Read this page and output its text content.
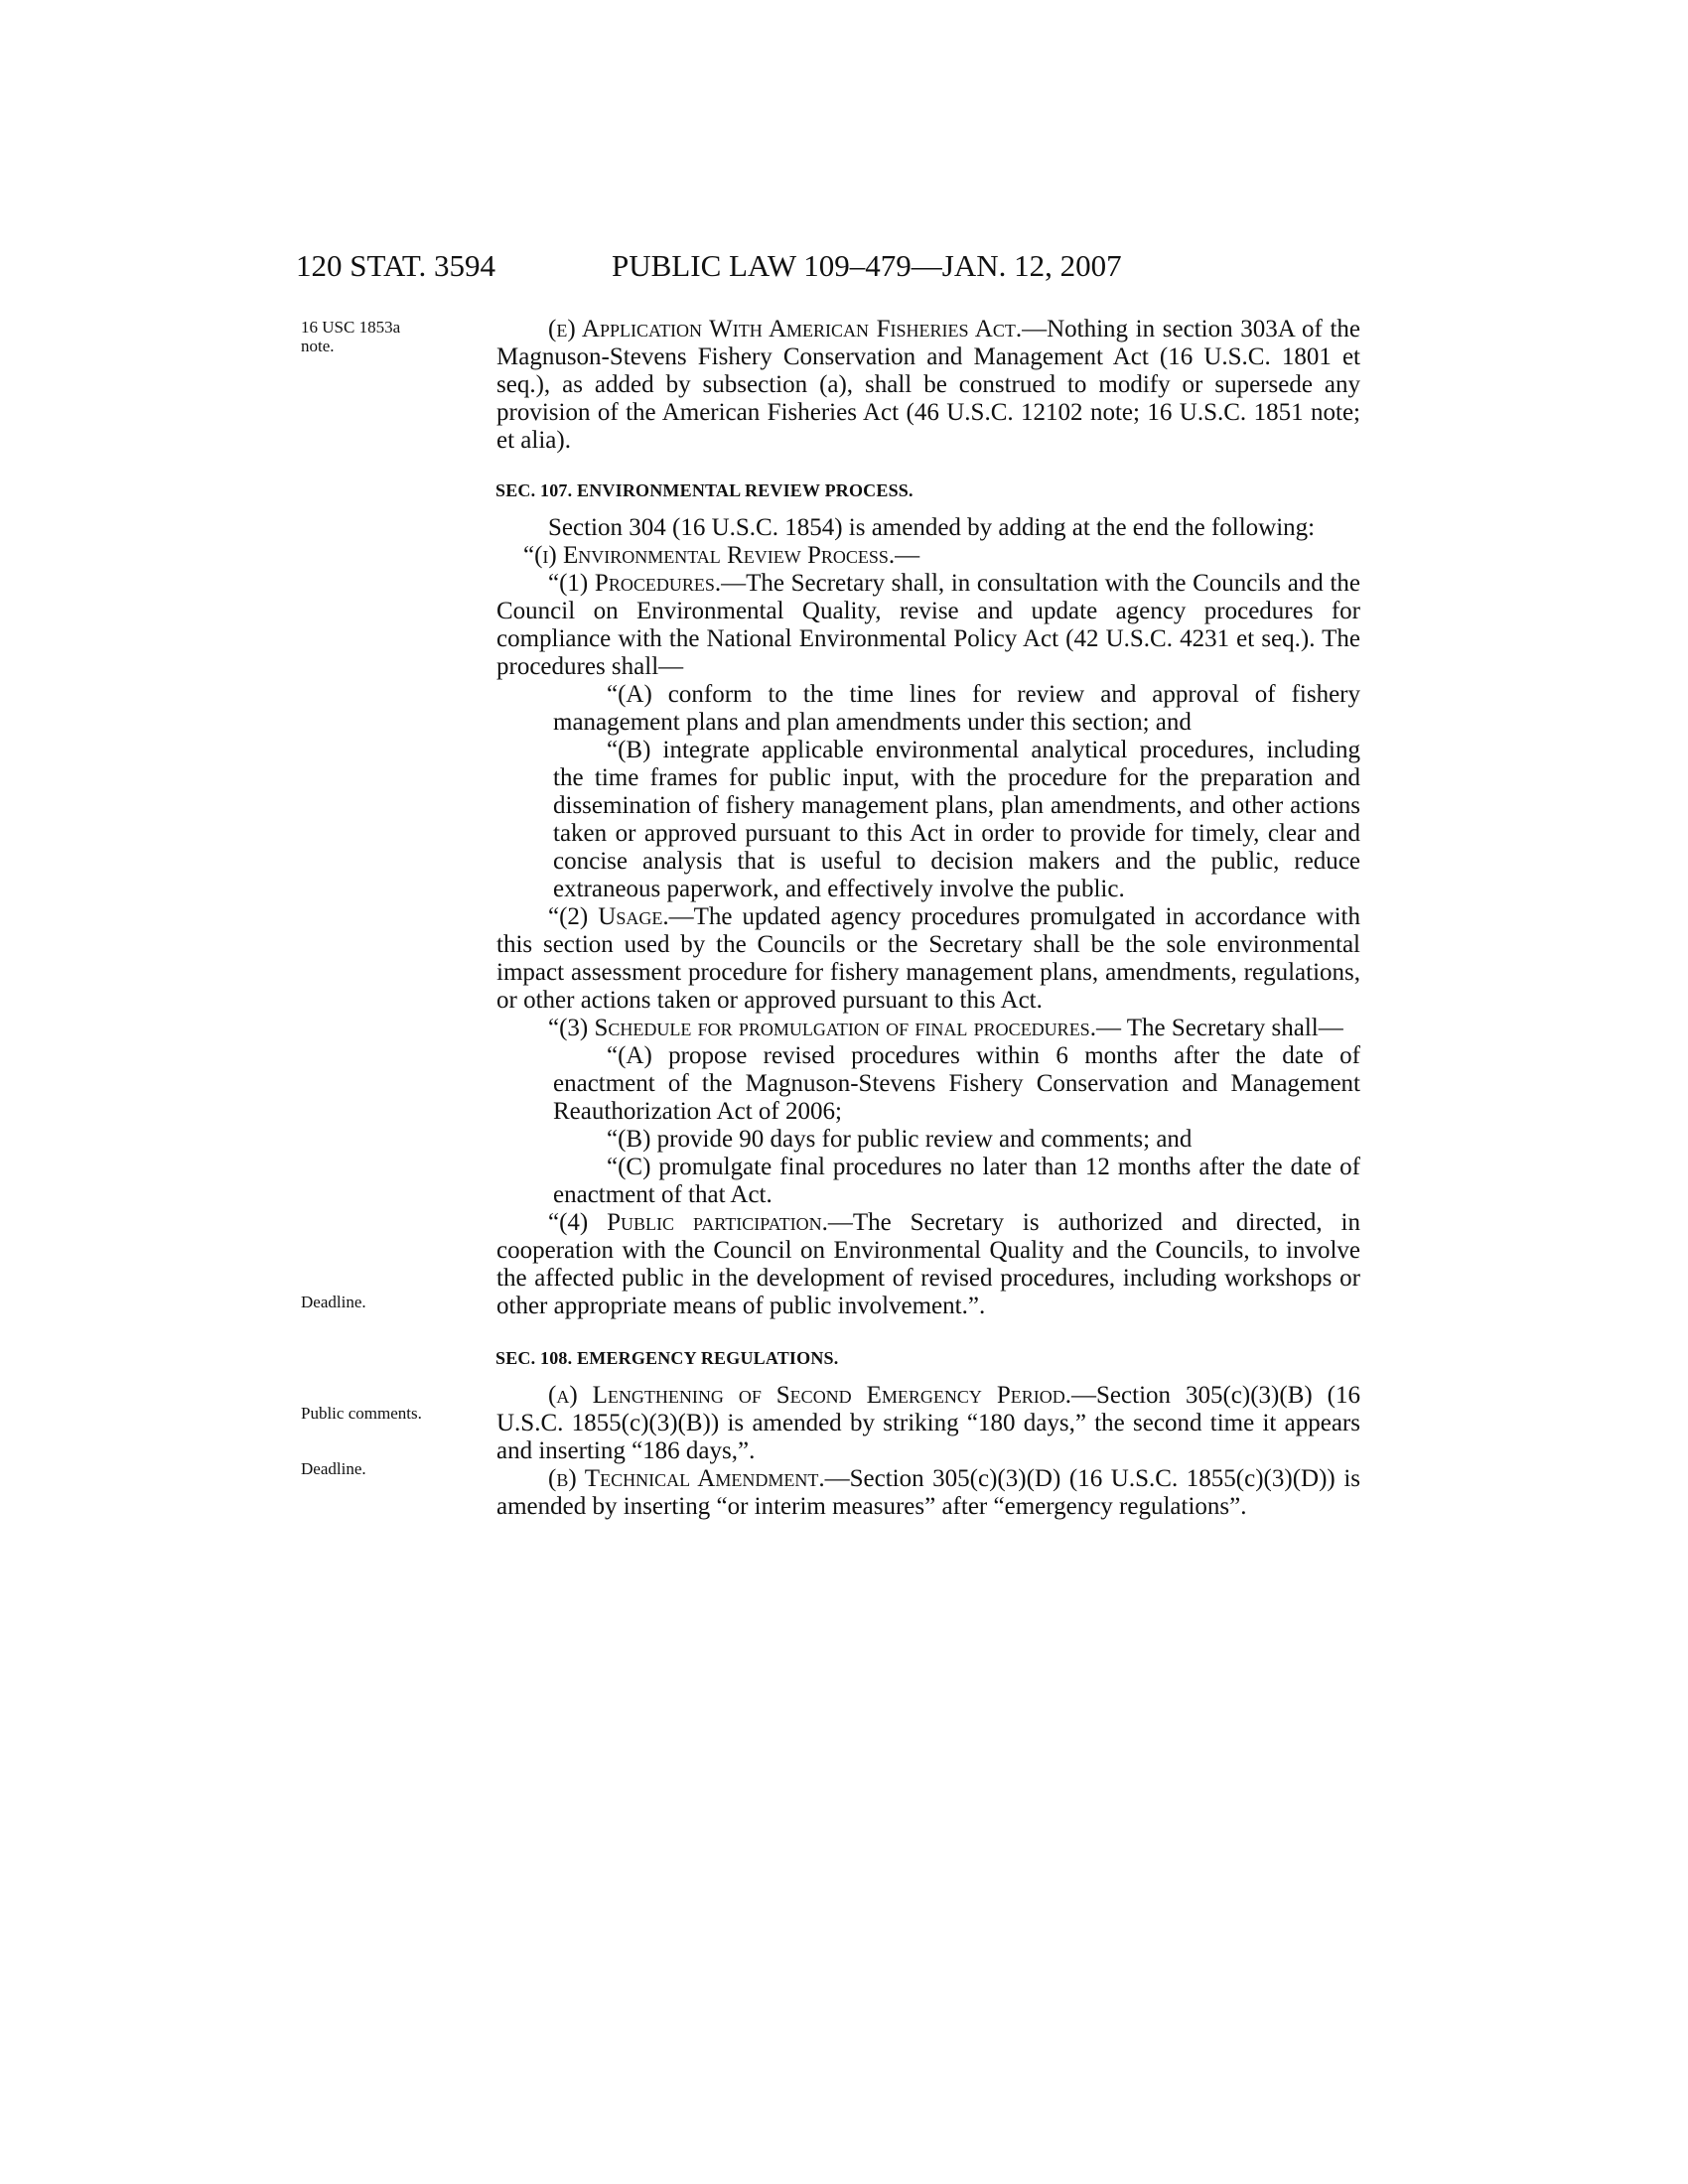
120 STAT. 3594	PUBLIC LAW 109–479—JAN. 12, 2007
16 USC 1853a
note.
Deadline.
Public comments.
Deadline.

(e) Application With American Fisheries Act.—Nothing in section 303A of the Magnuson-Stevens Fishery Conservation and Management Act (16 U.S.C. 1801 et seq.), as added by subsection (a), shall be construed to modify or supersede any provision of the American Fisheries Act (46 U.S.C. 12102 note; 16 U.S.C. 1851 note; et alia).

SEC. 107. ENVIRONMENTAL REVIEW PROCESS.

Section 304 (16 U.S.C. 1854) is amended by adding at the end the following:

“(i) Environmental Review Process.—

“(1) Procedures.—The Secretary shall, in consultation with the Councils and the Council on Environmental Quality, revise and update agency procedures for compliance with the National Environmental Policy Act (42 U.S.C. 4231 et seq.). The procedures shall—

“(A) conform to the time lines for review and approval of fishery management plans and plan amendments under this section; and

“(B) integrate applicable environmental analytical procedures, including the time frames for public input, with the procedure for the preparation and dissemination of fishery management plans, plan amendments, and other actions taken or approved pursuant to this Act in order to provide for timely, clear and concise analysis that is useful to decision makers and the public, reduce extraneous paperwork, and effectively involve the public.

“(2) Usage.—The updated agency procedures promulgated in accordance with this section used by the Councils or the Secretary shall be the sole environmental impact assessment procedure for fishery management plans, amendments, regulations, or other actions taken or approved pursuant to this Act.

“(3) Schedule for promulgation of final procedures.— The Secretary shall—

“(A) propose revised procedures within 6 months after the date of enactment of the Magnuson-Stevens Fishery Conservation and Management Reauthorization Act of 2006;

“(B) provide 90 days for public review and comments; and

“(C) promulgate final procedures no later than 12 months after the date of enactment of that Act.

“(4) Public participation.—The Secretary is authorized and directed, in cooperation with the Council on Environmental Quality and the Councils, to involve the affected public in the development of revised procedures, including workshops or other appropriate means of public involvement.”.

SEC. 108. EMERGENCY REGULATIONS.

(a) Lengthening of Second Emergency Period.—Section 305(c)(3)(B) (16 U.S.C. 1855(c)(3)(B)) is amended by striking “180 days,” the second time it appears and inserting “186 days,”.

(b) Technical Amendment.—Section 305(c)(3)(D) (16 U.S.C. 1855(c)(3)(D)) is amended by inserting “or interim measures” after “emergency regulations”.
